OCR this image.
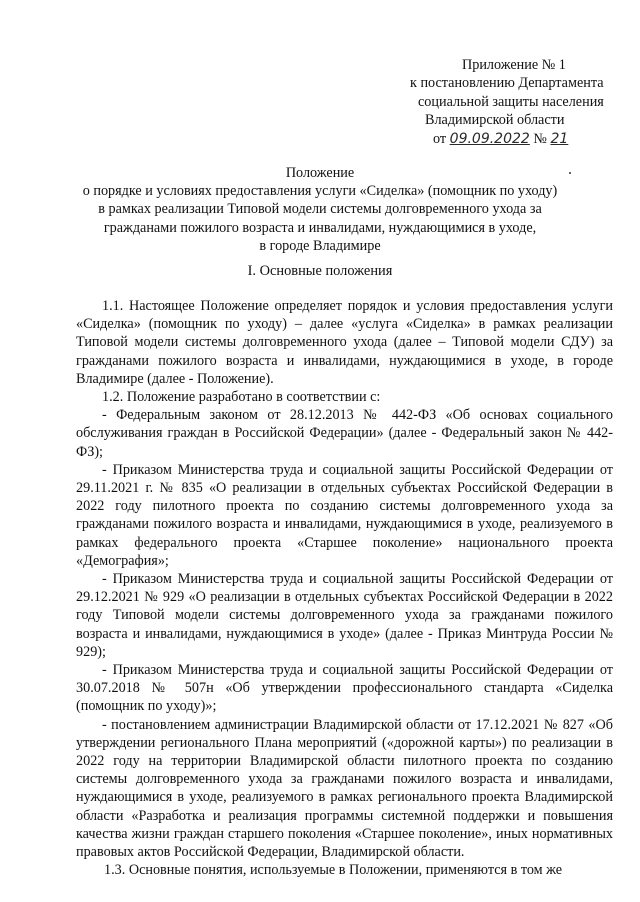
Приложение № 1
к постановлению Департамента
социальной защиты населения
Владимирской области
от 09.09.2022 № 21
Положение
о порядке и условиях предоставления услуги «Сиделка» (помощник по уходу)
в рамках реализации Типовой модели системы долговременного ухода за
гражданами пожилого возраста и инвалидами, нуждающимися в уходе,
в городе Владимире
I. Основные положения

1.1. Настоящее Положение определяет порядок и условия предоставления услуги «Сиделка» (помощник по уходу) – далее «услуга «Сиделка» в рамках реализации Типовой модели системы долговременного ухода (далее – Типовой модели СДУ) за гражданами пожилого возраста и инвалидами, нуждающимися в уходе, в городе Владимире (далее - Положение).

1.2. Положение разработано в соответствии с:

- Федеральным законом от 28.12.2013 № 442-ФЗ «Об основах социального обслуживания граждан в Российской Федерации» (далее - Федеральный закон № 442-ФЗ);

- Приказом Министерства труда и социальной защиты Российской Федерации от 29.11.2021 г. № 835 «О реализации в отдельных субъектах Российской Федерации в 2022 году пилотного проекта по созданию системы долговременного ухода за гражданами пожилого возраста и инвалидами, нуждающимися в уходе, реализуемого в рамках федерального проекта «Старшее поколение» национального проекта «Демография»;

- Приказом Министерства труда и социальной защиты Российской Федерации от 29.12.2021 № 929 «О реализации в отдельных субъектах Российской Федерации в 2022 году Типовой модели системы долговременного ухода за гражданами пожилого возраста и инвалидами, нуждающимися в уходе» (далее - Приказ Минтруда России № 929);

- Приказом Министерства труда и социальной защиты Российской Федерации от 30.07.2018 № 507н «Об утверждении профессионального стандарта «Сиделка (помощник по уходу)»;

- постановлением администрации Владимирской области от 17.12.2021 № 827 «Об утверждении регионального Плана мероприятий («дорожной карты») по реализации в 2022 году на территории Владимирской области пилотного проекта по созданию системы долговременного ухода за гражданами пожилого возраста и инвалидами, нуждающимися в уходе, реализуемого в рамках регионального проекта Владимирской области «Разработка и реализация программы системной поддержки и повышения качества жизни граждан старшего поколения «Старшее поколение», иных нормативных правовых актов Российской Федерации, Владимирской области.

1.3. Основные понятия, используемые в Положении, применяются в том же
